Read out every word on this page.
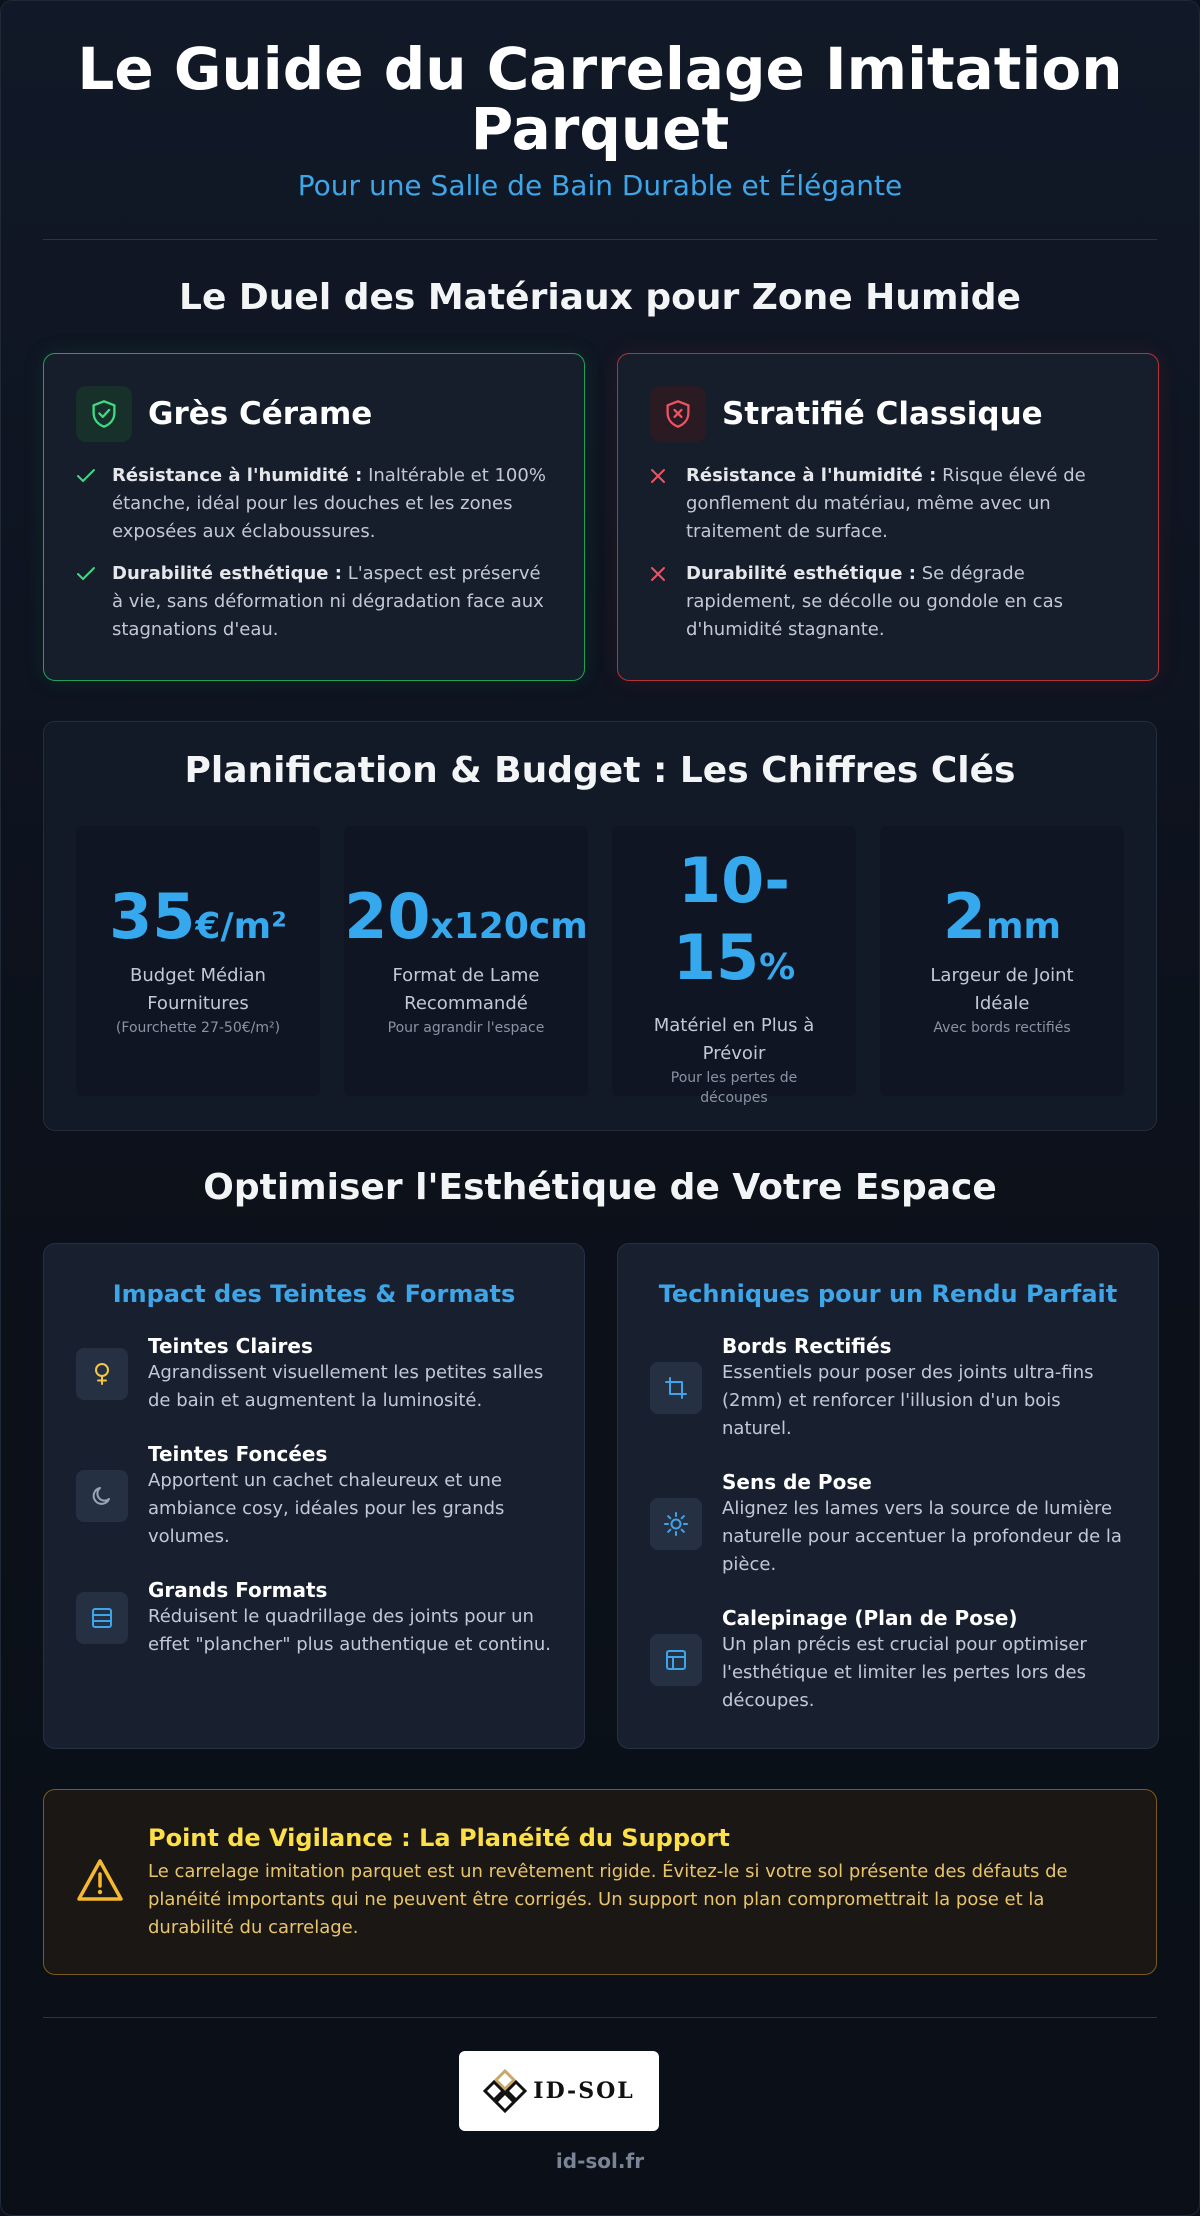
Le Guide du Carrelage Imitation Parquet
Pour une Salle de Bain Durable et Élégante
Le Duel des Matériaux pour Zone Humide
Grès Cérame
Résistance à l'humidité : Inaltérable et 100% étanche, idéal pour les douches et les zones exposées aux éclaboussures.
Durabilité esthétique : L'aspect est préservé à vie, sans déformation ni dégradation face aux stagnations d'eau.
Stratifié Classique
Résistance à l'humidité : Risque élevé de gonflement du matériau, même avec un traitement de surface.
Durabilité esthétique : Se dégrade rapidement, se décolle ou gondole en cas d'humidité stagnante.
Planification & Budget : Les Chiffres Clés
35€/m²
Budget Médian Fournitures
(Fourchette 27-50€/m²)
20x120cm
Format de Lame Recommandé
Pour agrandir l'espace
10-15%
Matériel en Plus à Prévoir
Pour les pertes de découpes
2mm
Largeur de Joint Idéale
Avec bords rectifiés
Optimiser l'Esthétique de Votre Espace
Impact des Teintes & Formats
Teintes Claires
Agrandissent visuellement les petites salles de bain et augmentent la luminosité.
Teintes Foncées
Apportent un cachet chaleureux et une ambiance cosy, idéales pour les grands volumes.
Grands Formats
Réduisent le quadrillage des joints pour un effet "plancher" plus authentique et continu.
Techniques pour un Rendu Parfait
Bords Rectifiés
Essentiels pour poser des joints ultra-fins (2mm) et renforcer l'illusion d'un bois naturel.
Sens de Pose
Alignez les lames vers la source de lumière naturelle pour accentuer la profondeur de la pièce.
Calepinage (Plan de Pose)
Un plan précis est crucial pour optimiser l'esthétique et limiter les pertes lors des découpes.
Point de Vigilance : La Planéité du Support
Le carrelage imitation parquet est un revêtement rigide. Évitez-le si votre sol présente des défauts de planéité importants qui ne peuvent être corrigés. Un support non plan compromettrait la pose et la durabilité du carrelage.
ID-SOL
id-sol.fr
